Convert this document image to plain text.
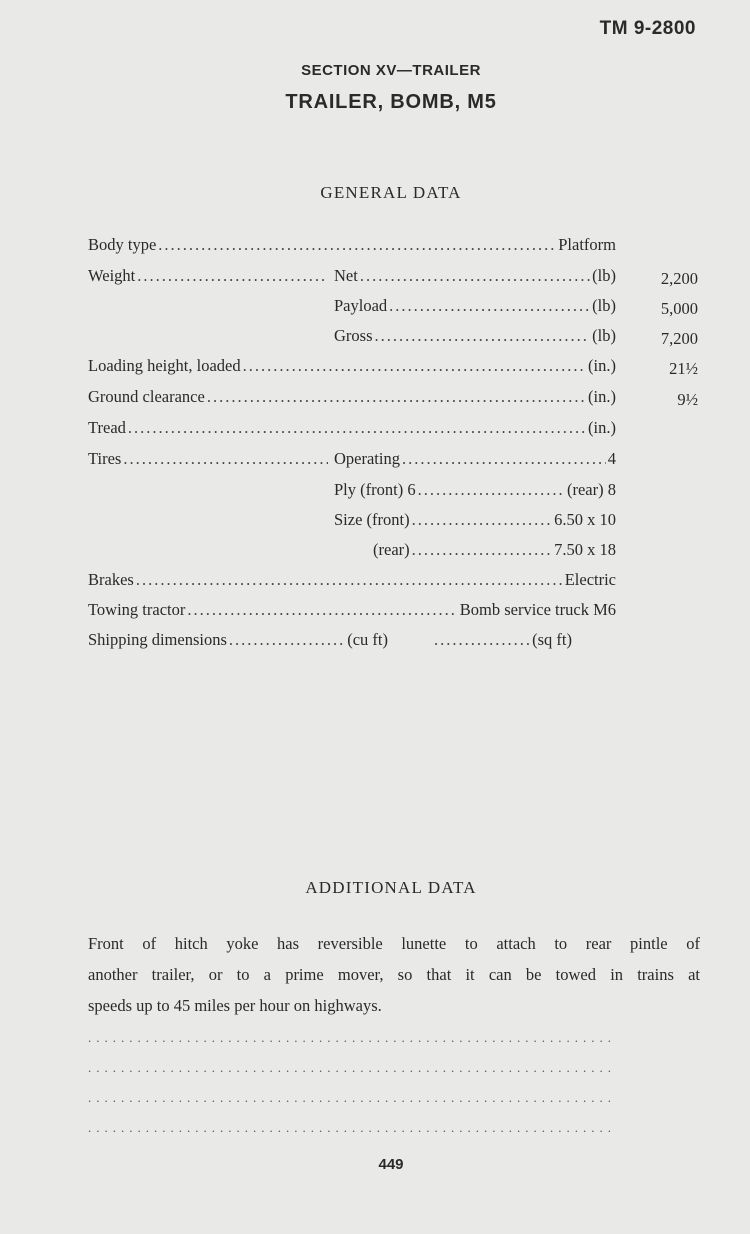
TM 9-2800
SECTION XV—TRAILER
TRAILER, BOMB, M5
GENERAL DATA
Body type .....	Platform
Weight .....	Net .....	(lb)	2,200
Payload .....	(lb)	5,000
Gross .....	(lb)	7,200
Loading height, loaded .....	(in.)	21½
Ground clearance .....	(in.)	9½
Tread .....	(in.)
Tires .....	Operating .....	4
Ply (front) 6 .....	(rear) 8
Size (front) .....	6.50 x 10
(rear) .....	7.50 x 18
Brakes .....	Electric
Towing tractor .....	Bomb service truck M6
Shipping dimensions .....	(cu ft) .....	(sq ft)
ADDITIONAL DATA
Front of hitch yoke has reversible lunette to attach to rear pintle of
another trailer, or to a prime mover, so that it can be towed in trains at
speeds up to 45 miles per hour on highways.
.....
.....
.....
.....
449
